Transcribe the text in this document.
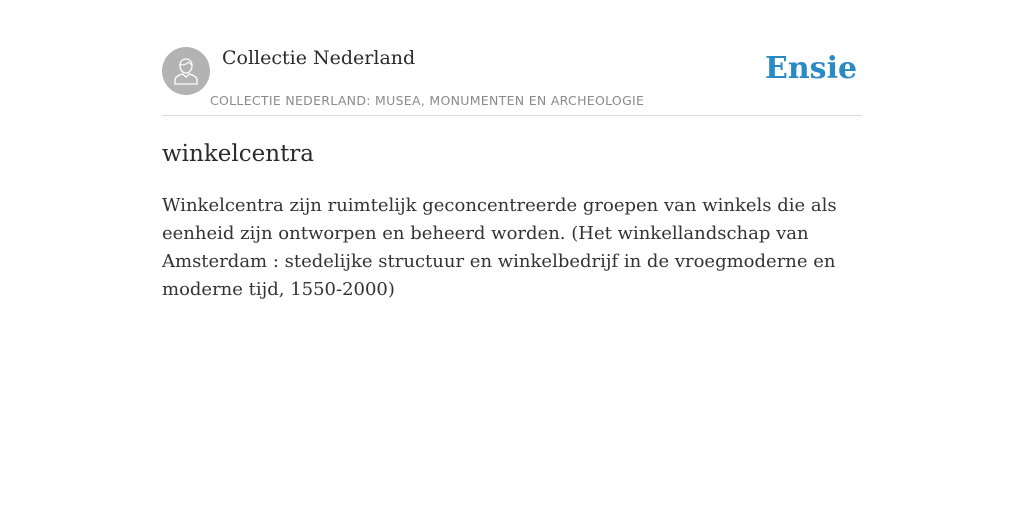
Collectie Nederland
COLLECTIE NEDERLAND: MUSEA, MONUMENTEN EN ARCHEOLOGIE
Ensie
winkelcentra

Winkelcentra zijn ruimtelijk geconcentreerde groepen van winkels die als
eenheid zijn ontworpen en beheerd worden. (Het winkellandschap van
Amsterdam : stedelijke structuur en winkelbedrijf in de vroegmoderne en
moderne tijd, 1550-2000)
